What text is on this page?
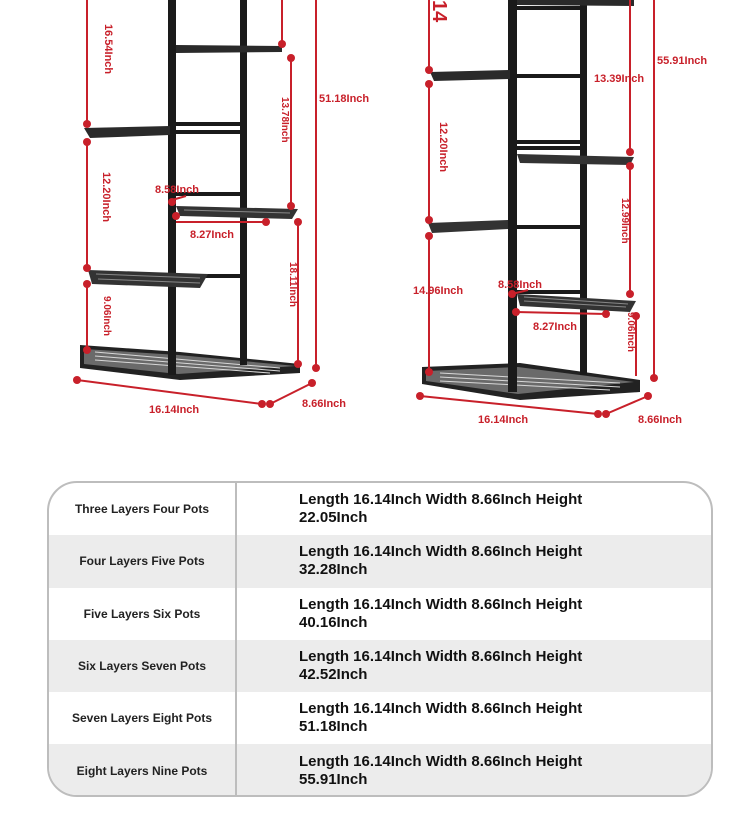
16.54Inch
13.78Inch	51.18Inch
12.20Inch	8.58Inch
8.27Inch
18.11Inch
9.06Inch
16.14Inch	8.66Inch
14
55.91Inch
13.39Inch
12.20Inch
12.99Inch
14.96Inch	8.58Inch
8.27Inch	9.06Inch
16.14Inch	8.66Inch
Three Layers Four Pots
Length 16.14Inch Width 8.66Inch Height
22.05Inch
Four Layers Five Pots
Length 16.14Inch Width 8.66Inch Height
32.28Inch
Five Layers Six Pots
Length 16.14Inch Width 8.66Inch Height
40.16Inch
Six Layers Seven Pots
Length 16.14Inch Width 8.66Inch Height
42.52Inch
Seven Layers Eight Pots
Length 16.14Inch Width 8.66Inch Height
51.18Inch
Eight Layers Nine Pots
Length 16.14Inch Width 8.66Inch Height
55.91Inch
